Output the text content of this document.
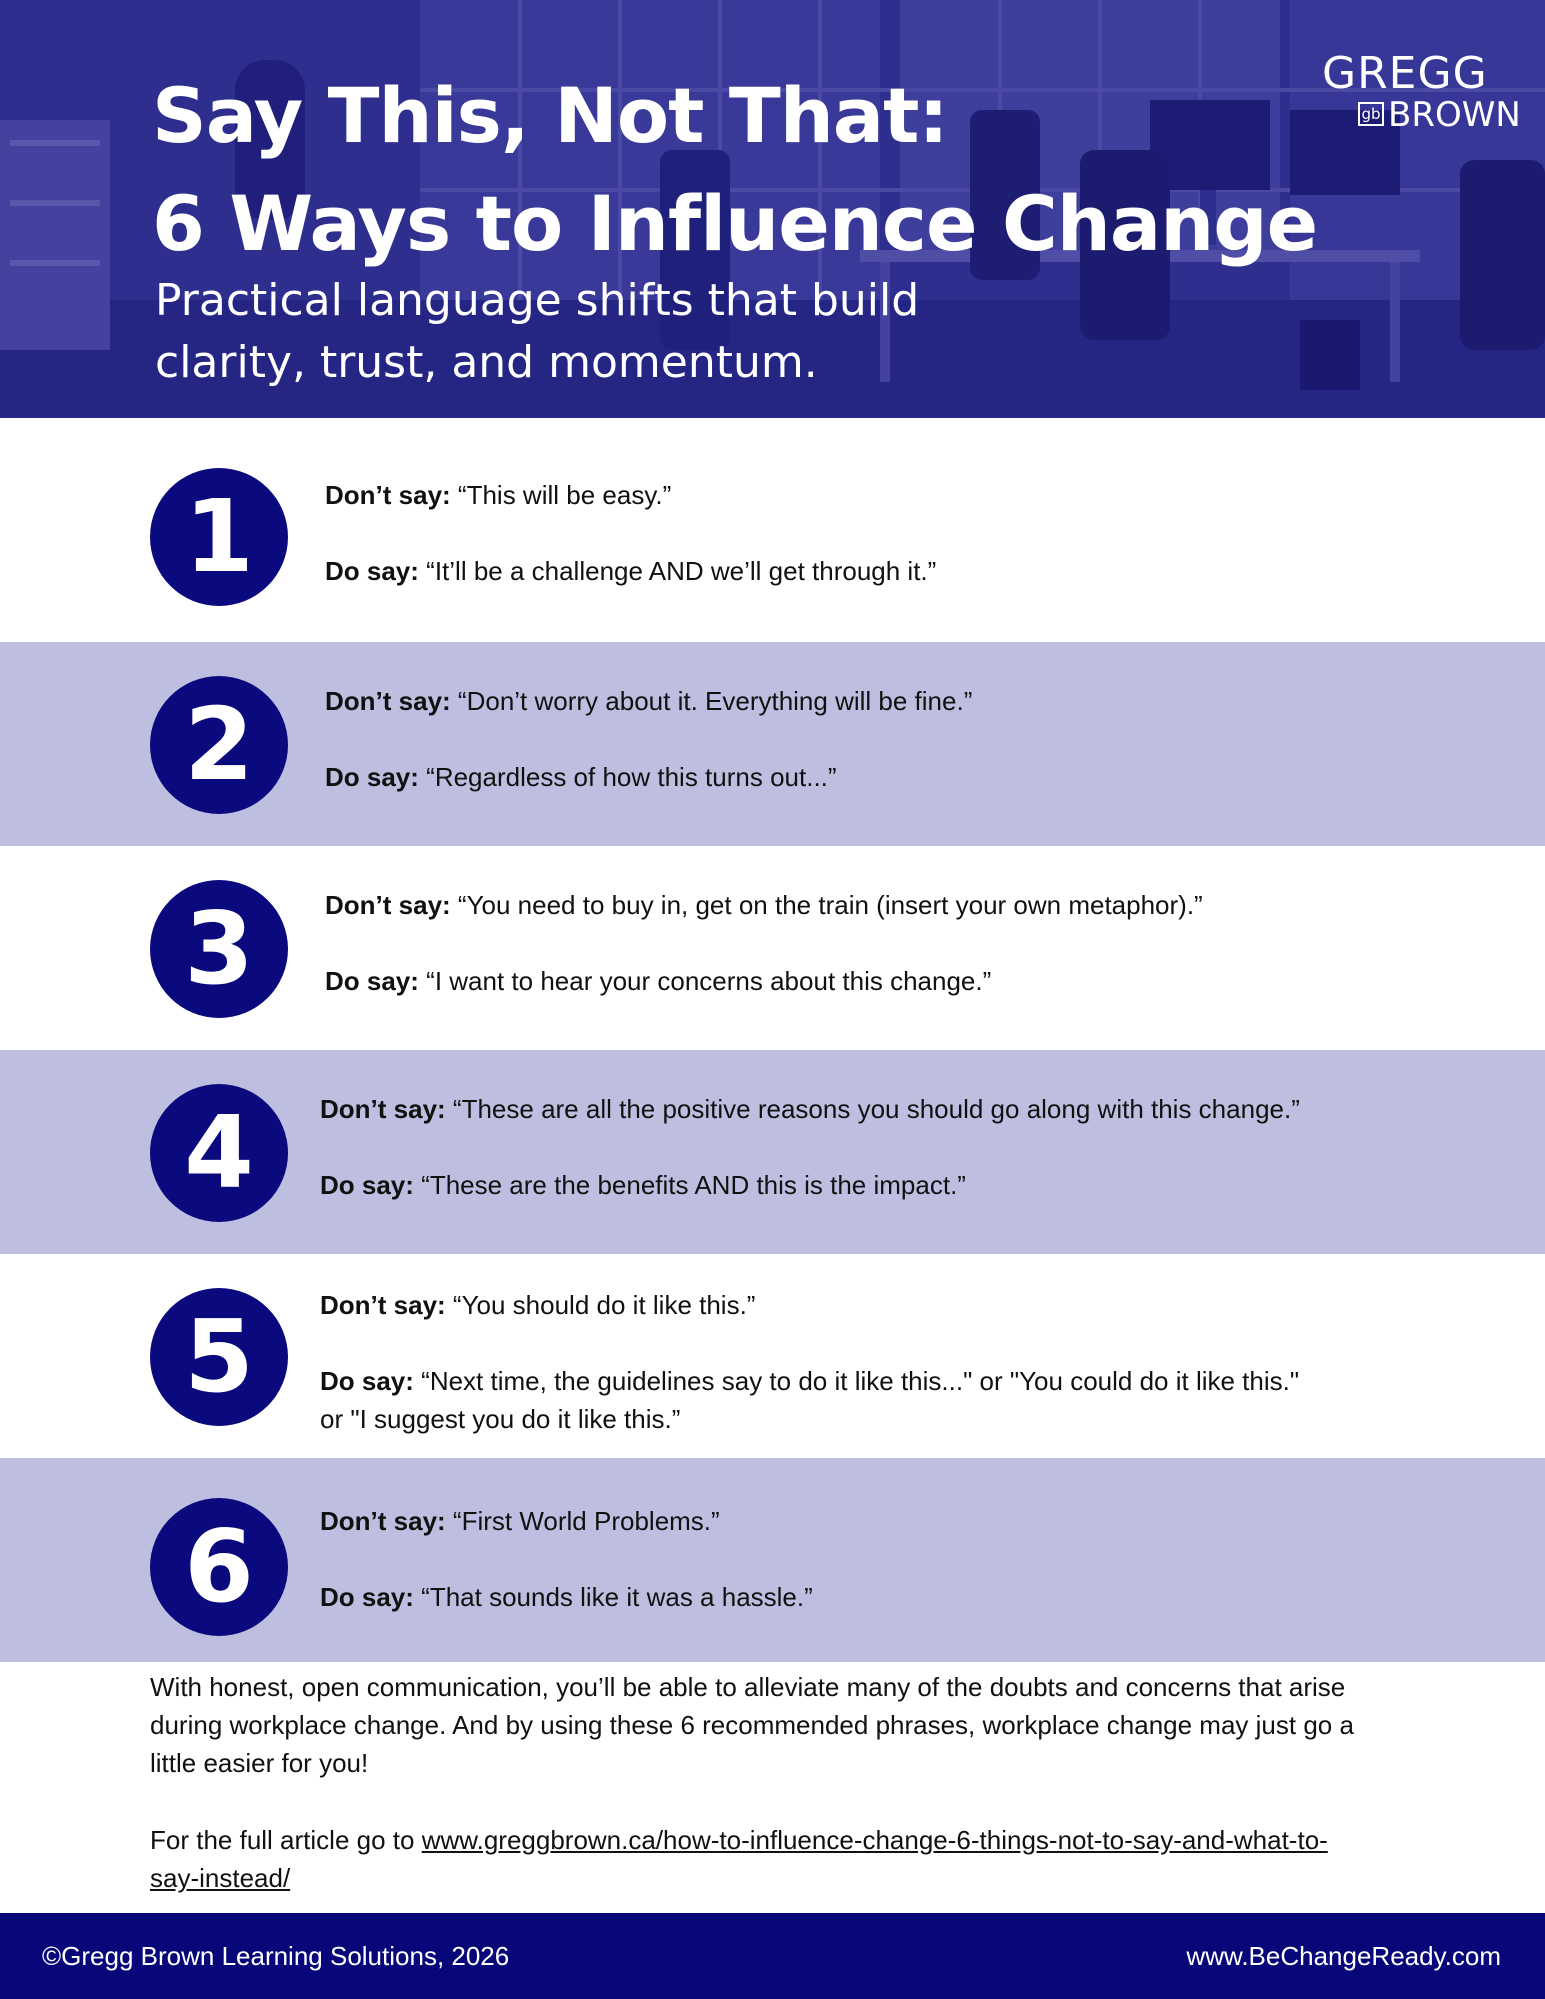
Say This, Not That:
6 Ways to Influence Change
Practical language shifts that build
clarity, trust, and momentum.
GREGG
gb BROWN
1	Don’t say: “This will be easy.”
Do say: “It’ll be a challenge AND we’ll get through it.”
2	Don’t say: “Don’t worry about it. Everything will be fine.”
Do say: “Regardless of how this turns out...”
3	Don’t say: “You need to buy in, get on the train (insert your own metaphor).”
Do say: “I want to hear your concerns about this change.”
4	Don’t say: “These are all the positive reasons you should go along with this change.”
Do say: “These are the benefits AND this is the impact.”
5	Don’t say: “You should do it like this.”
Do say: “Next time, the guidelines say to do it like this..." or "You could do it like this."
or "I suggest you do it like this.”
6	Don’t say: “First World Problems.”
Do say: “That sounds like it was a hassle.”
With honest, open communication, you’ll be able to alleviate many of the doubts and concerns that arise
during workplace change. And by using these 6 recommended phrases, workplace change may just go a
little easier for you!
For the full article go to www.greggbrown.ca/how-to-influence-change-6-things-not-to-say-and-what-to-
say-instead/
©Gregg Brown Learning Solutions, 2026	www.BeChangeReady.com
